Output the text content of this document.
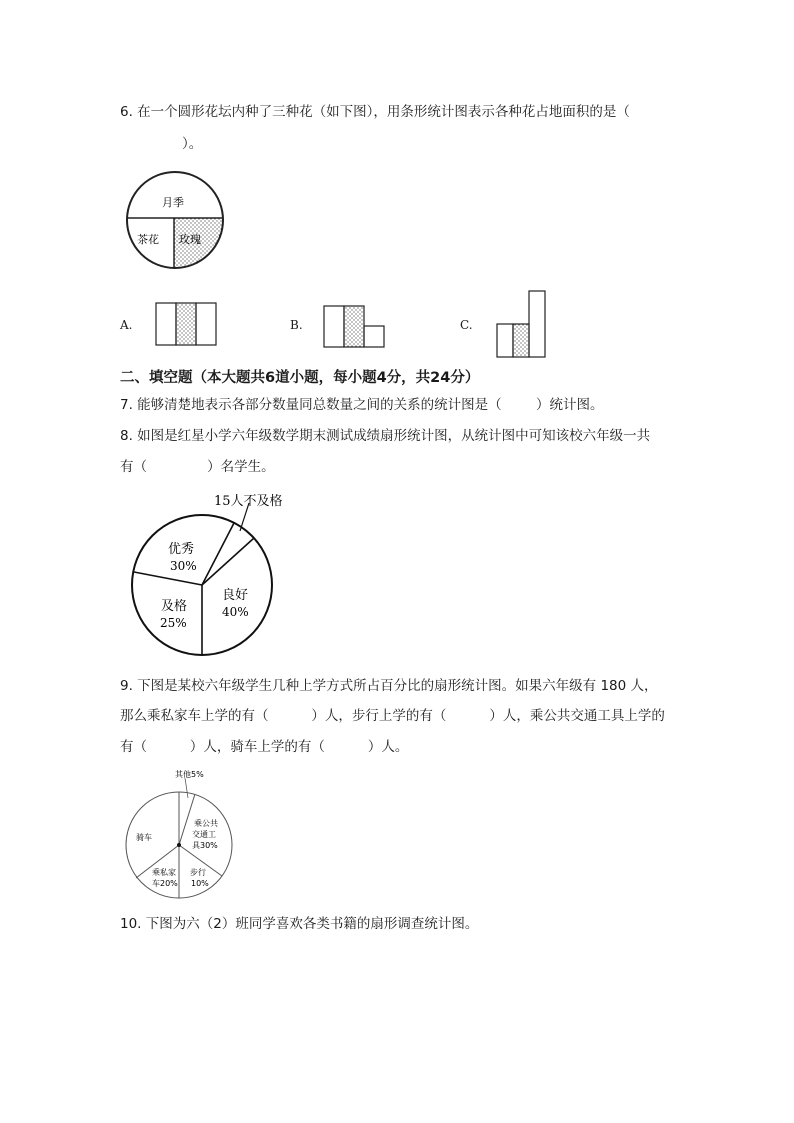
6. 在一个圆形花坛内种了三种花（如下图），用条形统计图表示各种花占地面积的是（
）。
月季
茶花 玫瑰
A.	B.	C.
二、填空题（本大题共6道小题，每小题4分，共24分）
7. 能够清楚地表示各部分数量同总数量之间的关系的统计图是（        ）统计图。
8. 如图是红星小学六年级数学期末测试成绩扇形统计图，从统计图中可知该校六年级一共
有（              ）名学生。
15人不及格
优秀
30%
良好
40%
及格
25%
9. 下图是某校六年级学生几种上学方式所占百分比的扇形统计图。如果六年级有 180 人，
那么乘私家车上学的有（          ）人，步行上学的有（          ）人，乘公共交通工具上学的
有（          ）人，骑车上学的有（          ）人。
其他5%
乘公共
交通工
具30%
乘私家
车20%
步行
10%
骑车
10. 下图为六（2）班同学喜欢各类书籍的扇形调查统计图。
